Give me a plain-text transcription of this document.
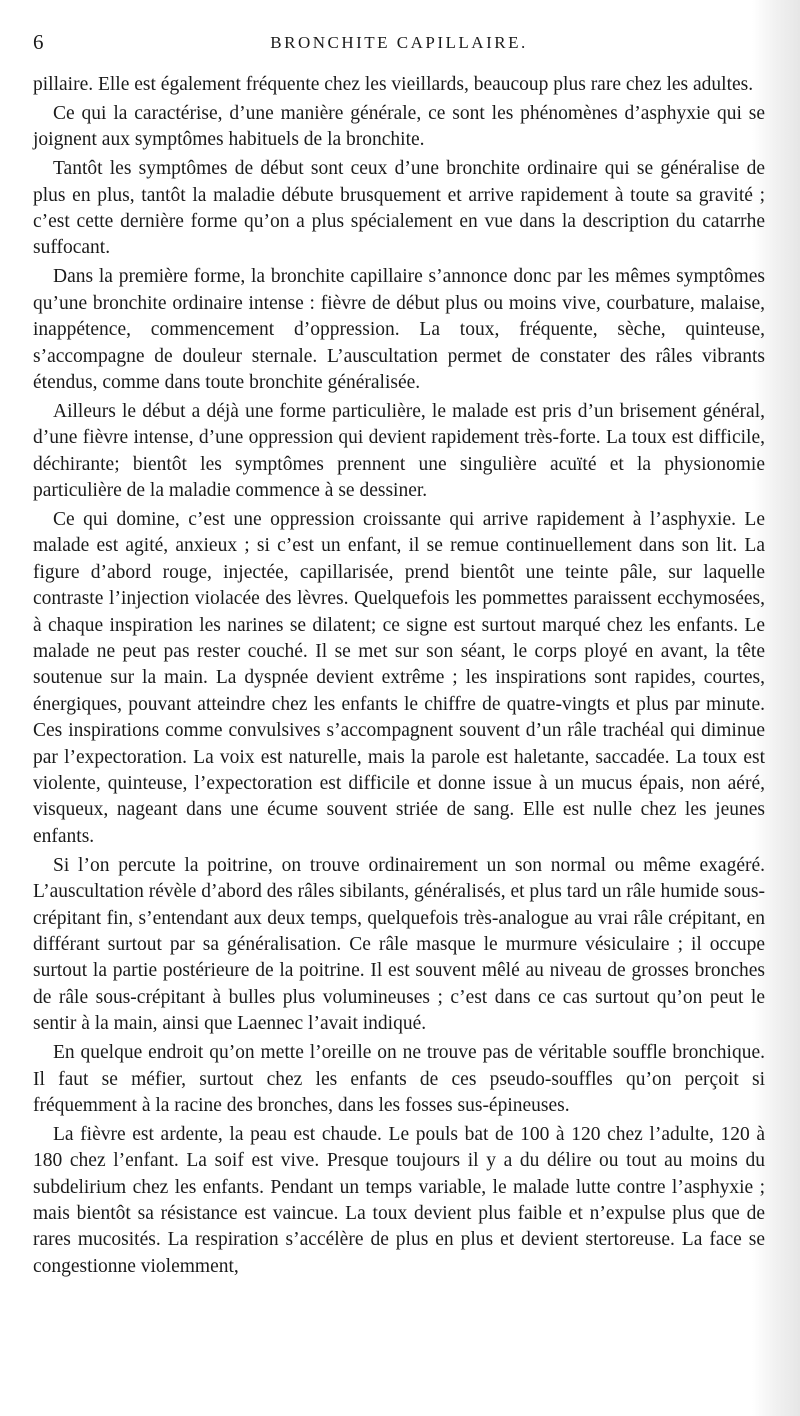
6	BRONCHITE CAPILLAIRE.

pillaire. Elle est également fréquente chez les vieillards, beaucoup plus rare chez les adultes.

Ce qui la caractérise, d’une manière générale, ce sont les phénomènes d’asphyxie qui se joignent aux symptômes habituels de la bronchite.

Tantôt les symptômes de début sont ceux d’une bronchite ordinaire qui se généralise de plus en plus, tantôt la maladie débute brusquement et arrive rapidement à toute sa gravité ; c’est cette dernière forme qu’on a plus spécialement en vue dans la description du catarrhe suffocant.

Dans la première forme, la bronchite capillaire s’annonce donc par les mêmes symptômes qu’une bronchite ordinaire intense : fièvre de début plus ou moins vive, courbature, malaise, inappétence, commencement d’oppression. La toux, fréquente, sèche, quinteuse, s’accompagne de douleur sternale. L’auscultation permet de constater des râles vibrants étendus, comme dans toute bronchite généralisée.

Ailleurs le début a déjà une forme particulière, le malade est pris d’un brisement général, d’une fièvre intense, d’une oppression qui devient rapidement très-forte. La toux est difficile, déchirante; bientôt les symptômes prennent une singulière acuïté et la physionomie particulière de la maladie commence à se dessiner.

Ce qui domine, c’est une oppression croissante qui arrive rapidement à l’asphyxie. Le malade est agité, anxieux ; si c’est un enfant, il se remue continuellement dans son lit. La figure d’abord rouge, injectée, capillarisée, prend bientôt une teinte pâle, sur laquelle contraste l’injection violacée des lèvres. Quelquefois les pommettes paraissent ecchymosées, à chaque inspiration les narines se dilatent; ce signe est surtout marqué chez les enfants. Le malade ne peut pas rester couché. Il se met sur son séant, le corps ployé en avant, la tête soutenue sur la main. La dyspnée devient extrême ; les inspirations sont rapides, courtes, énergiques, pouvant atteindre chez les enfants le chiffre de quatre-vingts et plus par minute. Ces inspirations comme convulsives s’accompagnent souvent d’un râle trachéal qui diminue par l’expectoration. La voix est naturelle, mais la parole est haletante, saccadée. La toux est violente, quinteuse, l’expectoration est difficile et donne issue à un mucus épais, non aéré, visqueux, nageant dans une écume souvent striée de sang. Elle est nulle chez les jeunes enfants.

Si l’on percute la poitrine, on trouve ordinairement un son normal ou même exagéré. L’auscultation révèle d’abord des râles sibilants, généralisés, et plus tard un râle humide sous-crépitant fin, s’entendant aux deux temps, quelquefois très-analogue au vrai râle crépitant, en différant surtout par sa généralisation. Ce râle masque le murmure vésiculaire ; il occupe surtout la partie postérieure de la poitrine. Il est souvent mêlé au niveau de grosses bronches de râle sous-crépitant à bulles plus volumineuses ; c’est dans ce cas surtout qu’on peut le sentir à la main, ainsi que Laennec l’avait indiqué.

En quelque endroit qu’on mette l’oreille on ne trouve pas de véritable souffle bronchique. Il faut se méfier, surtout chez les enfants de ces pseudo-souffles qu’on perçoit si fréquemment à la racine des bronches, dans les fosses sus-épineuses.

La fièvre est ardente, la peau est chaude. Le pouls bat de 100 à 120 chez l’adulte, 120 à 180 chez l’enfant. La soif est vive. Presque toujours il y a du délire ou tout au moins du subdelirium chez les enfants. Pendant un temps variable, le malade lutte contre l’asphyxie ; mais bientôt sa résistance est vaincue. La toux devient plus faible et n’expulse plus que de rares mucosités. La respiration s’accélère de plus en plus et devient stertoreuse. La face se congestionne violemment,
